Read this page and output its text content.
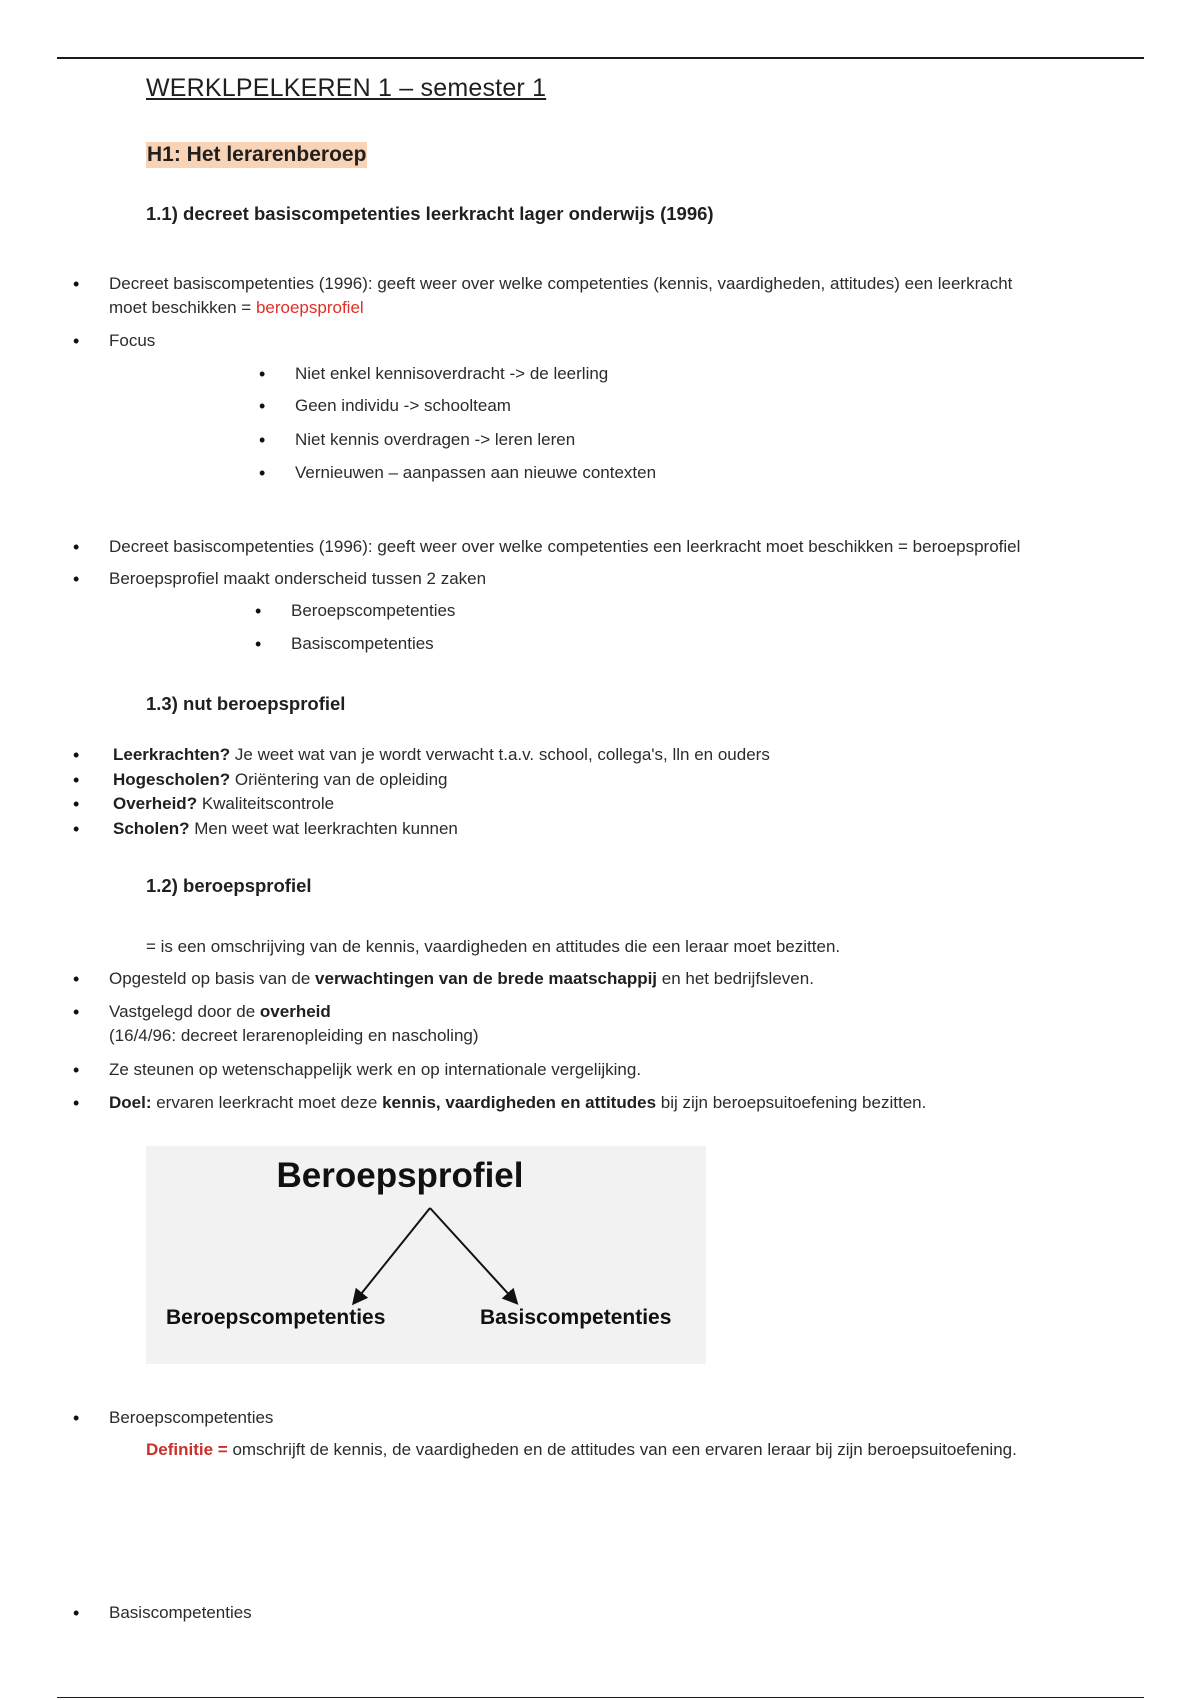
WERKLPELKEREN 1 – semester 1
H1: Het lerarenberoep
1.1) decreet basiscompetenties leerkracht lager onderwijs (1996)
• Decreet basiscompetenties (1996): geeft weer over welke competenties (kennis, vaardigheden, attitudes) een leerkracht
moet beschikken = beroepsprofiel
• Focus
• Niet enkel kennisoverdracht -> de leerling
• Geen individu -> schoolteam
• Niet kennis overdragen -> leren leren
• Vernieuwen – aanpassen aan nieuwe contexten
• Decreet basiscompetenties (1996): geeft weer over welke competenties een leerkracht moet beschikken = beroepsprofiel
• Beroepsprofiel maakt onderscheid tussen 2 zaken
• Beroepscompetenties
• Basiscompetenties
1.3) nut beroepsprofiel
• Leerkrachten? Je weet wat van je wordt verwacht t.a.v. school, collega's, lln en ouders
• Hogescholen? Oriëntering van de opleiding
• Overheid? Kwaliteitscontrole
• Scholen? Men weet wat leerkrachten kunnen
1.2) beroepsprofiel
= is een omschrijving van de kennis, vaardigheden en attitudes die een leraar moet bezitten.
• Opgesteld op basis van de verwachtingen van de brede maatschappij en het bedrijfsleven.
• Vastgelegd door de overheid
(16/4/96: decreet lerarenopleiding en nascholing)
• Ze steunen op wetenschappelijk werk en op internationale vergelijking.
• Doel: ervaren leerkracht moet deze kennis, vaardigheden en attitudes bij zijn beroepsuitoefening bezitten.
Beroepsprofiel
Beroepscompetenties	Basiscompetenties
• Beroepscompetenties
Definitie = omschrijft de kennis, de vaardigheden en de attitudes van een ervaren leraar bij zijn beroepsuitoefening.
• Basiscompetenties
